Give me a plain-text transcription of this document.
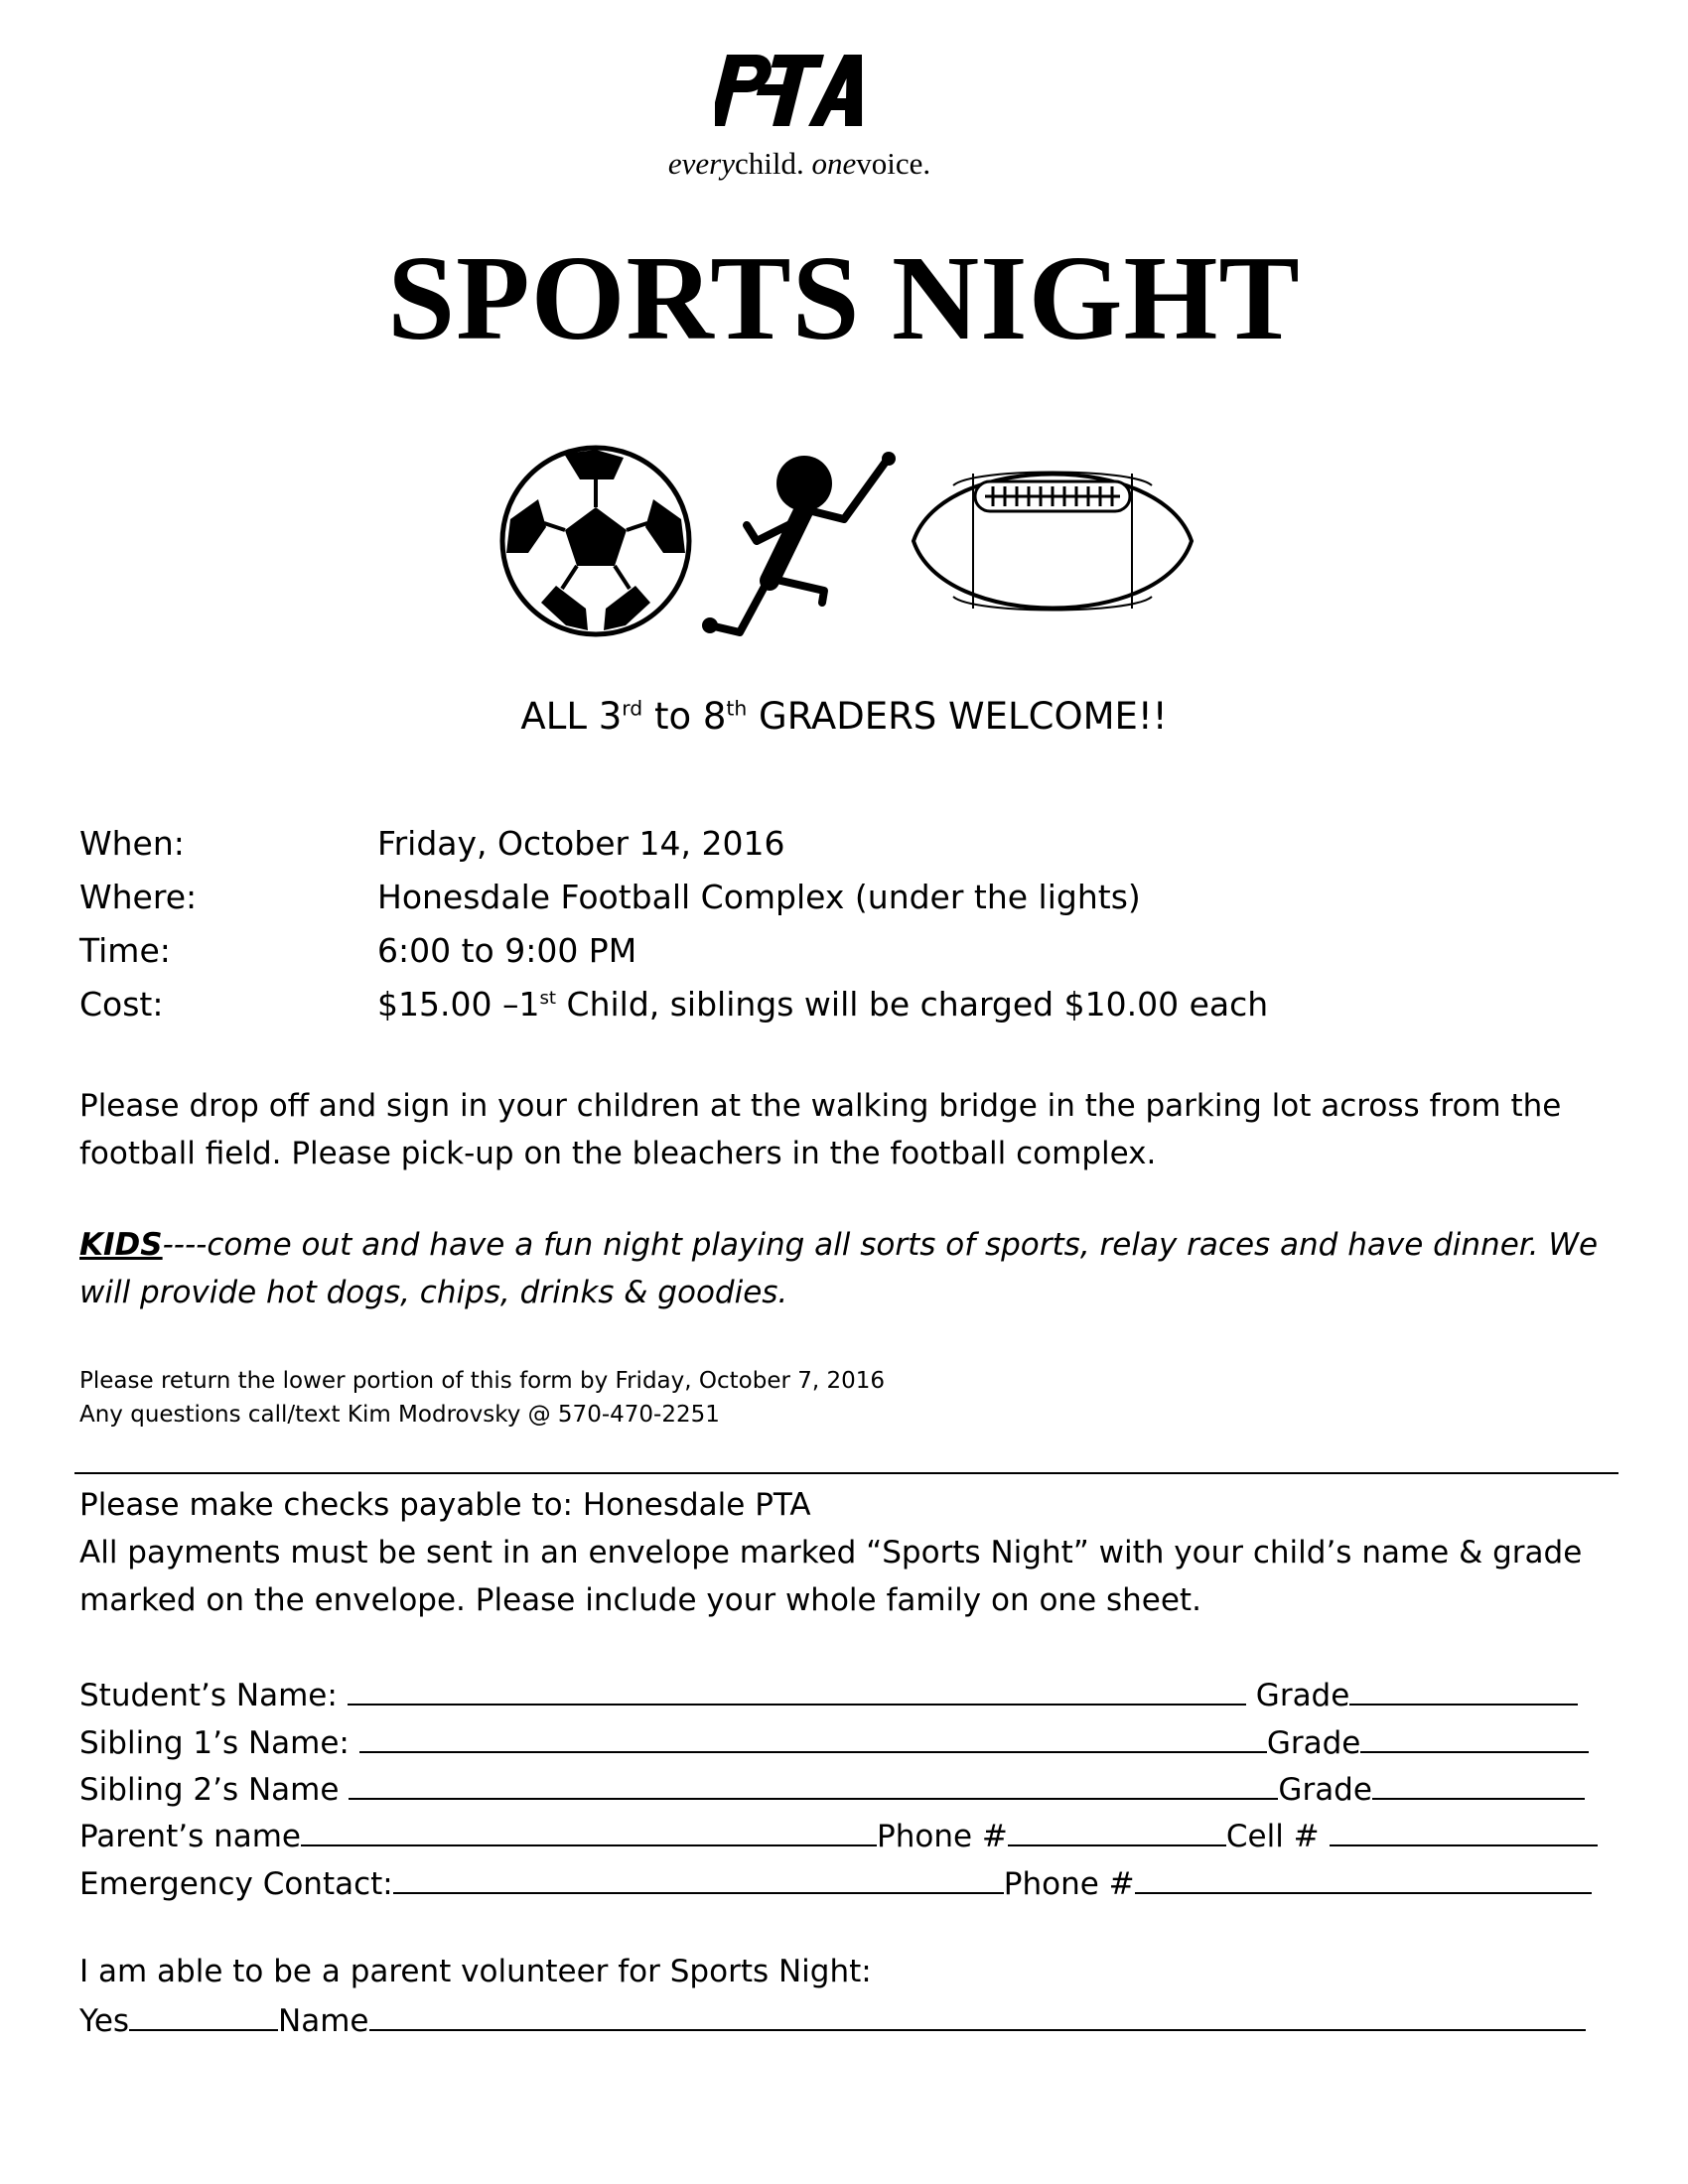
PTA
®
everychild. onevoice.
SPORTS NIGHT
ALL 3rd to 8th GRADERS WELCOME!!
When:	Friday, October 14, 2016
Where:	Honesdale Football Complex (under the lights)
Time:	6:00 to 9:00 PM
Cost:	$15.00 –1st Child, siblings will be charged $10.00 each
Please drop off and sign in your children at the walking bridge in the parking lot across from the football field. Please pick-up on the bleachers in the football complex.
KIDS----come out and have a fun night playing all sorts of sports, relay races and have dinner. We will provide hot dogs, chips, drinks & goodies.
Please return the lower portion of this form by Friday, October 7, 2016
Any questions call/text Kim Modrovsky @ 570-470-2251
Please make checks payable to: Honesdale PTA
All payments must be sent in an envelope marked “Sports Night” with your child’s name & grade marked on the envelope. Please include your whole family on one sheet.
Student’s Name:	Grade
Sibling 1’s Name:	Grade
Sibling 2’s Name	Grade
Parent’s name	Phone #	Cell #
Emergency Contact:	Phone #
I am able to be a parent volunteer for Sports Night:
Yes	Name
